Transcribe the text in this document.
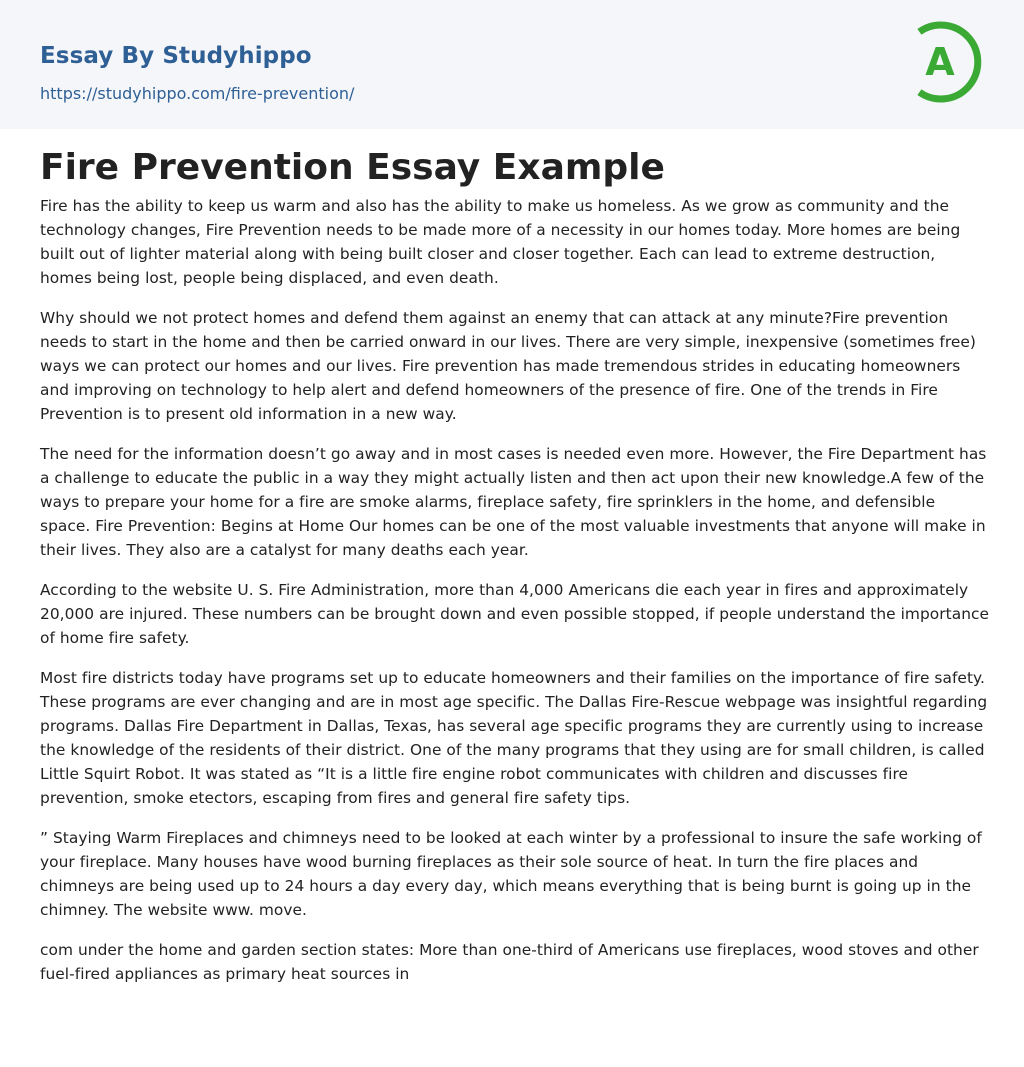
Essay By Studyhippo
https://studyhippo.com/fire-prevention/
A
Fire Prevention Essay Example

Fire has the ability to keep us warm and also has the ability to make us homeless. As we grow as community and the technology changes, Fire Prevention needs to be made more of a necessity in our homes today. More homes are being built out of lighter material along with being built closer and closer together. Each can lead to extreme destruction, homes being lost, people being displaced, and even death.

Why should we not protect homes and defend them against an enemy that can attack at any minute?Fire prevention needs to start in the home and then be carried onward in our lives. There are very simple, inexpensive (sometimes free) ways we can protect our homes and our lives. Fire prevention has made tremendous strides in educating homeowners and improving on technology to help alert and defend homeowners of the presence of fire. One of the trends in Fire Prevention is to present old information in a new way.

The need for the information doesn’t go away and in most cases is needed even more. However, the Fire Department has a challenge to educate the public in a way they might actually listen and then act upon their new knowledge.A few of the ways to prepare your home for a fire are smoke alarms, fireplace safety, fire sprinklers in the home, and defensible space. Fire Prevention: Begins at Home Our homes can be one of the most valuable investments that anyone will make in their lives. They also are a catalyst for many deaths each year.

According to the website U. S. Fire Administration, more than 4,000 Americans die each year in fires and approximately 20,000 are injured. These numbers can be brought down and even possible stopped, if people understand the importance of home fire safety.

Most fire districts today have programs set up to educate homeowners and their families on the importance of fire safety. These programs are ever changing and are in most age specific. The Dallas Fire-Rescue webpage was insightful regarding programs. Dallas Fire Department in Dallas, Texas, has several age specific programs they are currently using to increase the knowledge of the residents of their district. One of the many programs that they using are for small children, is called Little Squirt Robot. It was stated as “It is a little fire engine robot communicates with children and discusses fire prevention, smoke etectors, escaping from fires and general fire safety tips.

” Staying Warm Fireplaces and chimneys need to be looked at each winter by a professional to insure the safe working of your fireplace. Many houses have wood burning fireplaces as their sole source of heat. In turn the fire places and chimneys are being used up to 24 hours a day every day, which means everything that is being burnt is going up in the chimney. The website www. move.

com under the home and garden section states: More than one-third of Americans use fireplaces, wood stoves and other fuel-fired appliances as primary heat sources in
